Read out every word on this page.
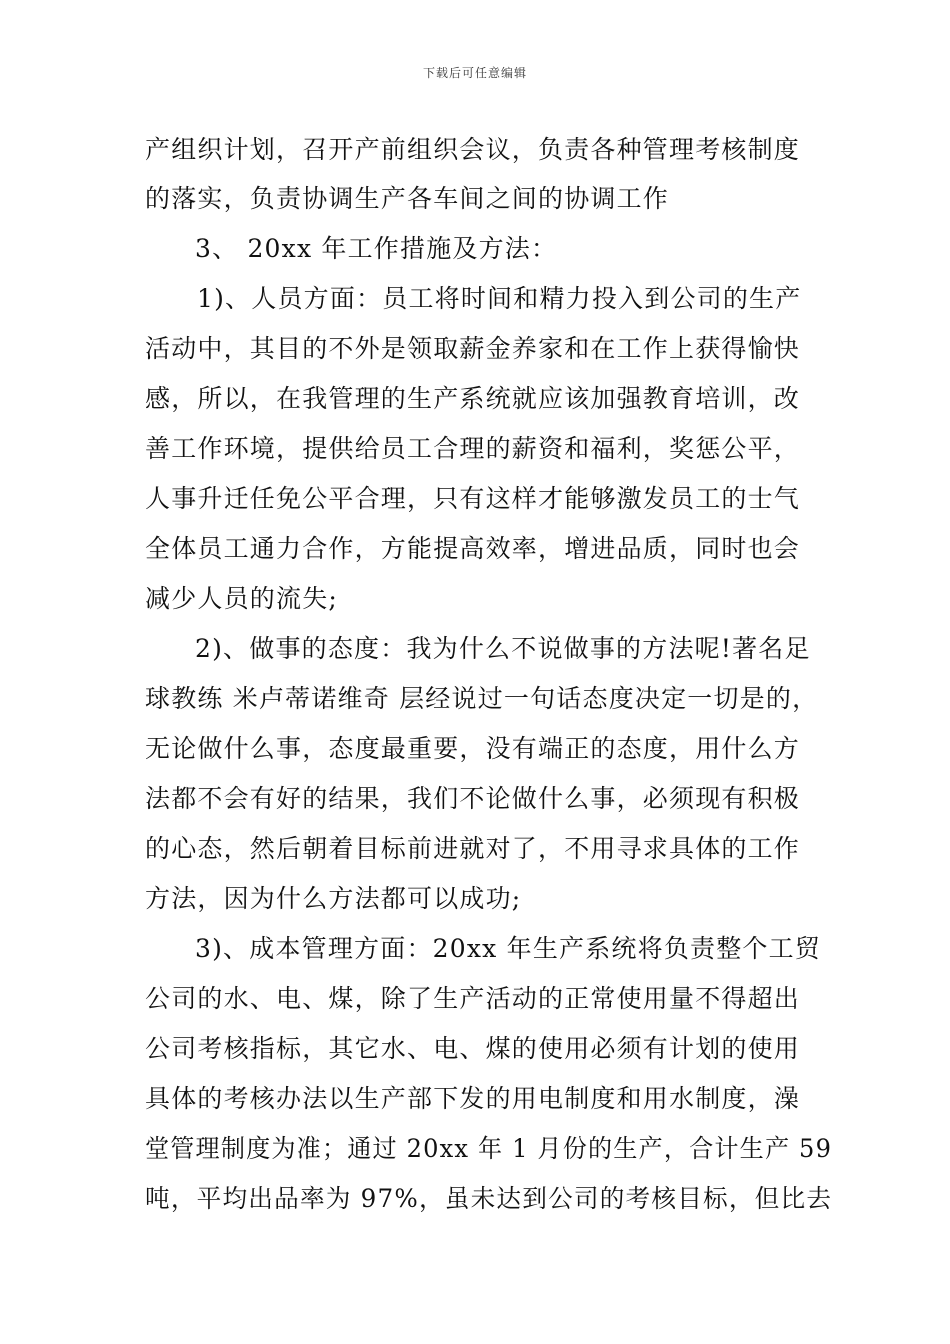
下载后可任意编辑
产组织计划，召开产前组织会议，负责各种管理考核制度
的落实，负责协调生产各车间之间的协调工作
3、 20xx 年工作措施及方法：
1)、人员方面：员工将时间和精力投入到公司的生产
活动中，其目的不外是领取薪金养家和在工作上获得愉快
感，所以，在我管理的生产系统就应该加强教育培训，改
善工作环境，提供给员工合理的薪资和福利，奖惩公平，
人事升迁任免公平合理，只有这样才能够激发员工的士气
全体员工通力合作，方能提高效率，增进品质，同时也会
减少人员的流失;
2)、做事的态度：我为什么不说做事的方法呢!著名足
球教练 米卢蒂诺维奇 层经说过一句话态度决定一切是的，
无论做什么事，态度最重要，没有端正的态度，用什么方
法都不会有好的结果，我们不论做什么事，必须现有积极
的心态，然后朝着目标前进就对了，不用寻求具体的工作
方法，因为什么方法都可以成功;
3)、成本管理方面：20xx 年生产系统将负责整个工贸
公司的水、电、煤，除了生产活动的正常使用量不得超出
公司考核指标，其它水、电、煤的使用必须有计划的使用
具体的考核办法以生产部下发的用电制度和用水制度，澡
堂管理制度为准；通过 20xx 年 1 月份的生产，合计生产 59
吨，平均出品率为 97%，虽未达到公司的考核目标，但比去
